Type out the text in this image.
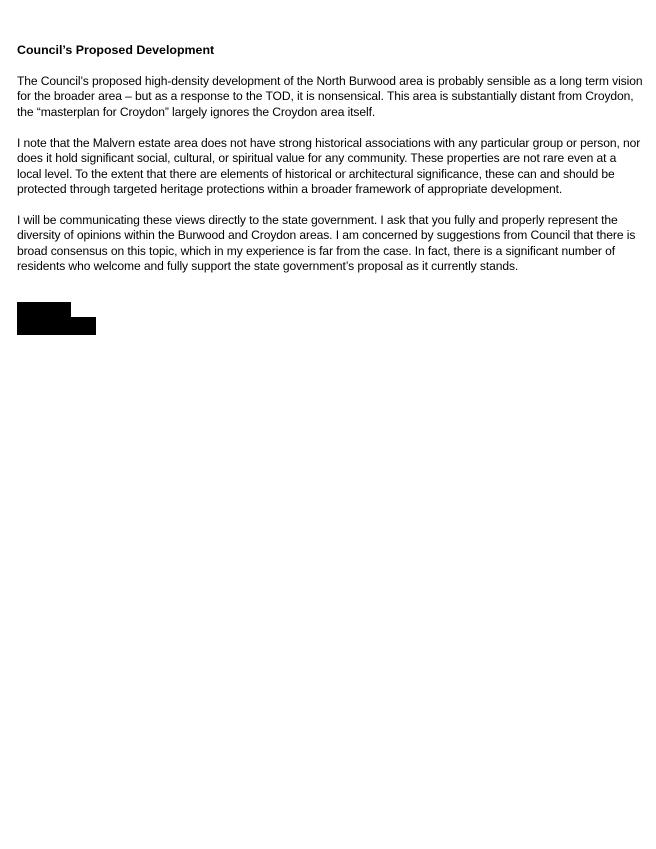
Council’s Proposed Development

The Council’s proposed high-density development of the North Burwood area is probably sensible as a long term vision for the broader area – but as a response to the TOD, it is nonsensical. This area is substantially distant from Croydon, the “masterplan for Croydon” largely ignores the Croydon area itself.

I note that the Malvern estate area does not have strong historical associations with any particular group or person, nor does it hold significant social, cultural, or spiritual value for any community. These properties are not rare even at a local level. To the extent that there are elements of historical or architectural significance, these can and should be protected through targeted heritage protections within a broader framework of appropriate development.

I will be communicating these views directly to the state government. I ask that you fully and properly represent the diversity of opinions within the Burwood and Croydon areas. I am concerned by suggestions from Council that there is broad consensus on this topic, which in my experience is far from the case. In fact, there is a significant number of residents who welcome and fully support the state government’s proposal as it currently stands.
